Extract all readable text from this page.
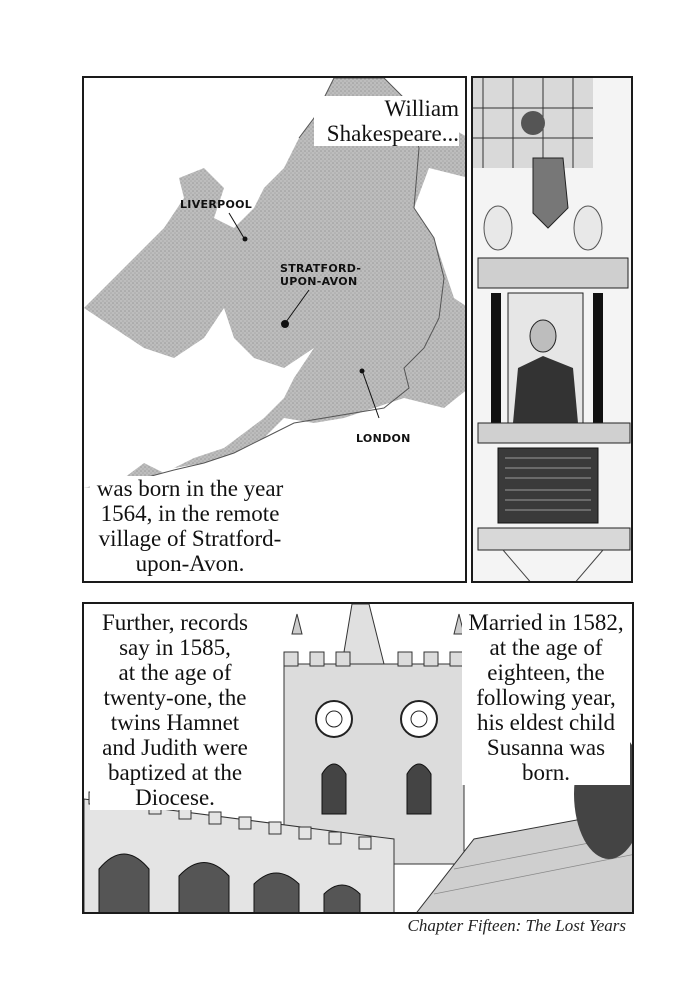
William
Shakespeare...
LIVERPOOL
STRATFORD-
UPON-AVON
LONDON
was born in the year
1564, in the remote
village of Stratford-
upon-Avon.
Further, records
say in 1585,
at the age of
twenty-one, the
twins Hamnet
and Judith were
baptized at the
Diocese.
Married in 1582,
at the age of
eighteen, the
following year,
his eldest child
Susanna was
born.
Chapter Fifteen: The Lost Years
